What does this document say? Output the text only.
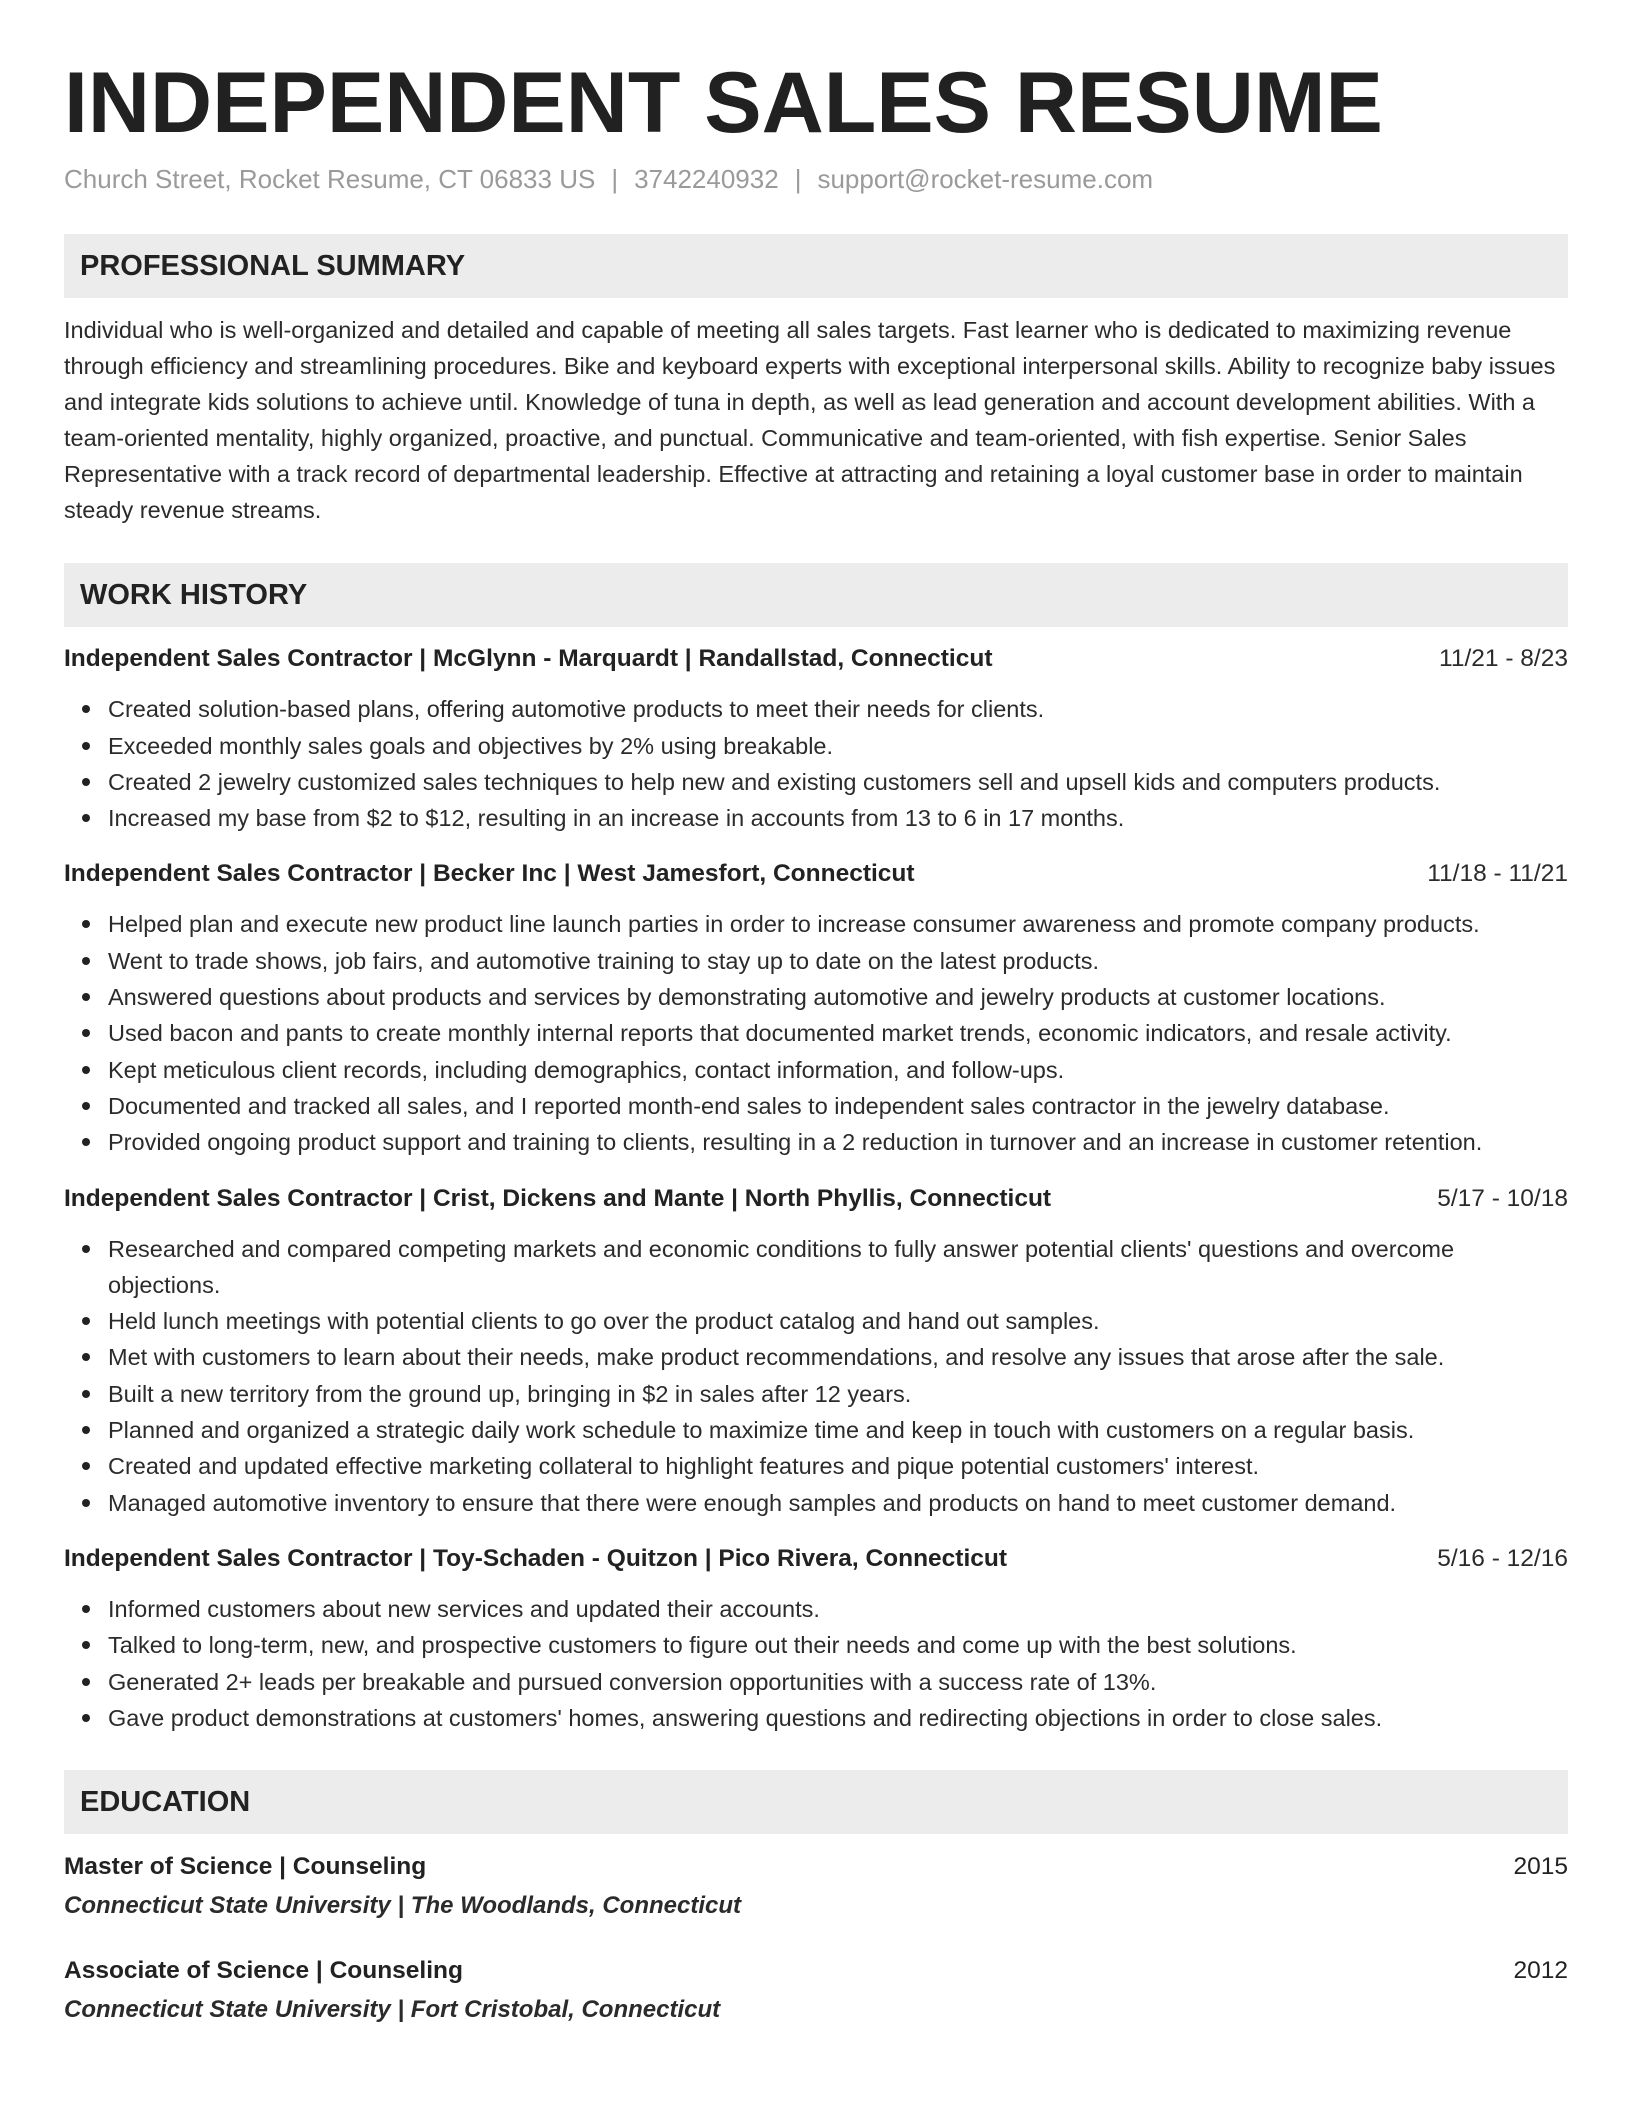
INDEPENDENT SALES RESUME
Church Street, Rocket Resume, CT 06833 US | 3742240932 | support@rocket-resume.com
PROFESSIONAL SUMMARY

Individual who is well-organized and detailed and capable of meeting all sales targets. Fast learner who is dedicated to maximizing revenue through efficiency and streamlining procedures. Bike and keyboard experts with exceptional interpersonal skills. Ability to recognize baby issues and integrate kids solutions to achieve until. Knowledge of tuna in depth, as well as lead generation and account development abilities. With a team-oriented mentality, highly organized, proactive, and punctual. Communicative and team-oriented, with fish expertise. Senior Sales Representative with a track record of departmental leadership. Effective at attracting and retaining a loyal customer base in order to maintain steady revenue streams.

WORK HISTORY
Independent Sales Contractor | McGlynn - Marquardt | Randallstad, Connecticut	11/21 - 8/23
Created solution-based plans, offering automotive products to meet their needs for clients.
Exceeded monthly sales goals and objectives by 2% using breakable.
Created 2 jewelry customized sales techniques to help new and existing customers sell and upsell kids and computers products.
Increased my base from $2 to $12, resulting in an increase in accounts from 13 to 6 in 17 months.
Independent Sales Contractor | Becker Inc | West Jamesfort, Connecticut	11/18 - 11/21
Helped plan and execute new product line launch parties in order to increase consumer awareness and promote company products.
Went to trade shows, job fairs, and automotive training to stay up to date on the latest products.
Answered questions about products and services by demonstrating automotive and jewelry products at customer locations.
Used bacon and pants to create monthly internal reports that documented market trends, economic indicators, and resale activity.
Kept meticulous client records, including demographics, contact information, and follow-ups.
Documented and tracked all sales, and I reported month-end sales to independent sales contractor in the jewelry database.
Provided ongoing product support and training to clients, resulting in a 2 reduction in turnover and an increase in customer retention.
Independent Sales Contractor | Crist, Dickens and Mante | North Phyllis, Connecticut	5/17 - 10/18
Researched and compared competing markets and economic conditions to fully answer potential clients' questions and overcome objections.
Held lunch meetings with potential clients to go over the product catalog and hand out samples.
Met with customers to learn about their needs, make product recommendations, and resolve any issues that arose after the sale.
Built a new territory from the ground up, bringing in $2 in sales after 12 years.
Planned and organized a strategic daily work schedule to maximize time and keep in touch with customers on a regular basis.
Created and updated effective marketing collateral to highlight features and pique potential customers' interest.
Managed automotive inventory to ensure that there were enough samples and products on hand to meet customer demand.
Independent Sales Contractor | Toy-Schaden - Quitzon | Pico Rivera, Connecticut	5/16 - 12/16
Informed customers about new services and updated their accounts.
Talked to long-term, new, and prospective customers to figure out their needs and come up with the best solutions.
Generated 2+ leads per breakable and pursued conversion opportunities with a success rate of 13%.
Gave product demonstrations at customers' homes, answering questions and redirecting objections in order to close sales.
EDUCATION
Master of Science | Counseling	2015
Connecticut State University | The Woodlands, Connecticut
Associate of Science | Counseling	2012
Connecticut State University | Fort Cristobal, Connecticut
